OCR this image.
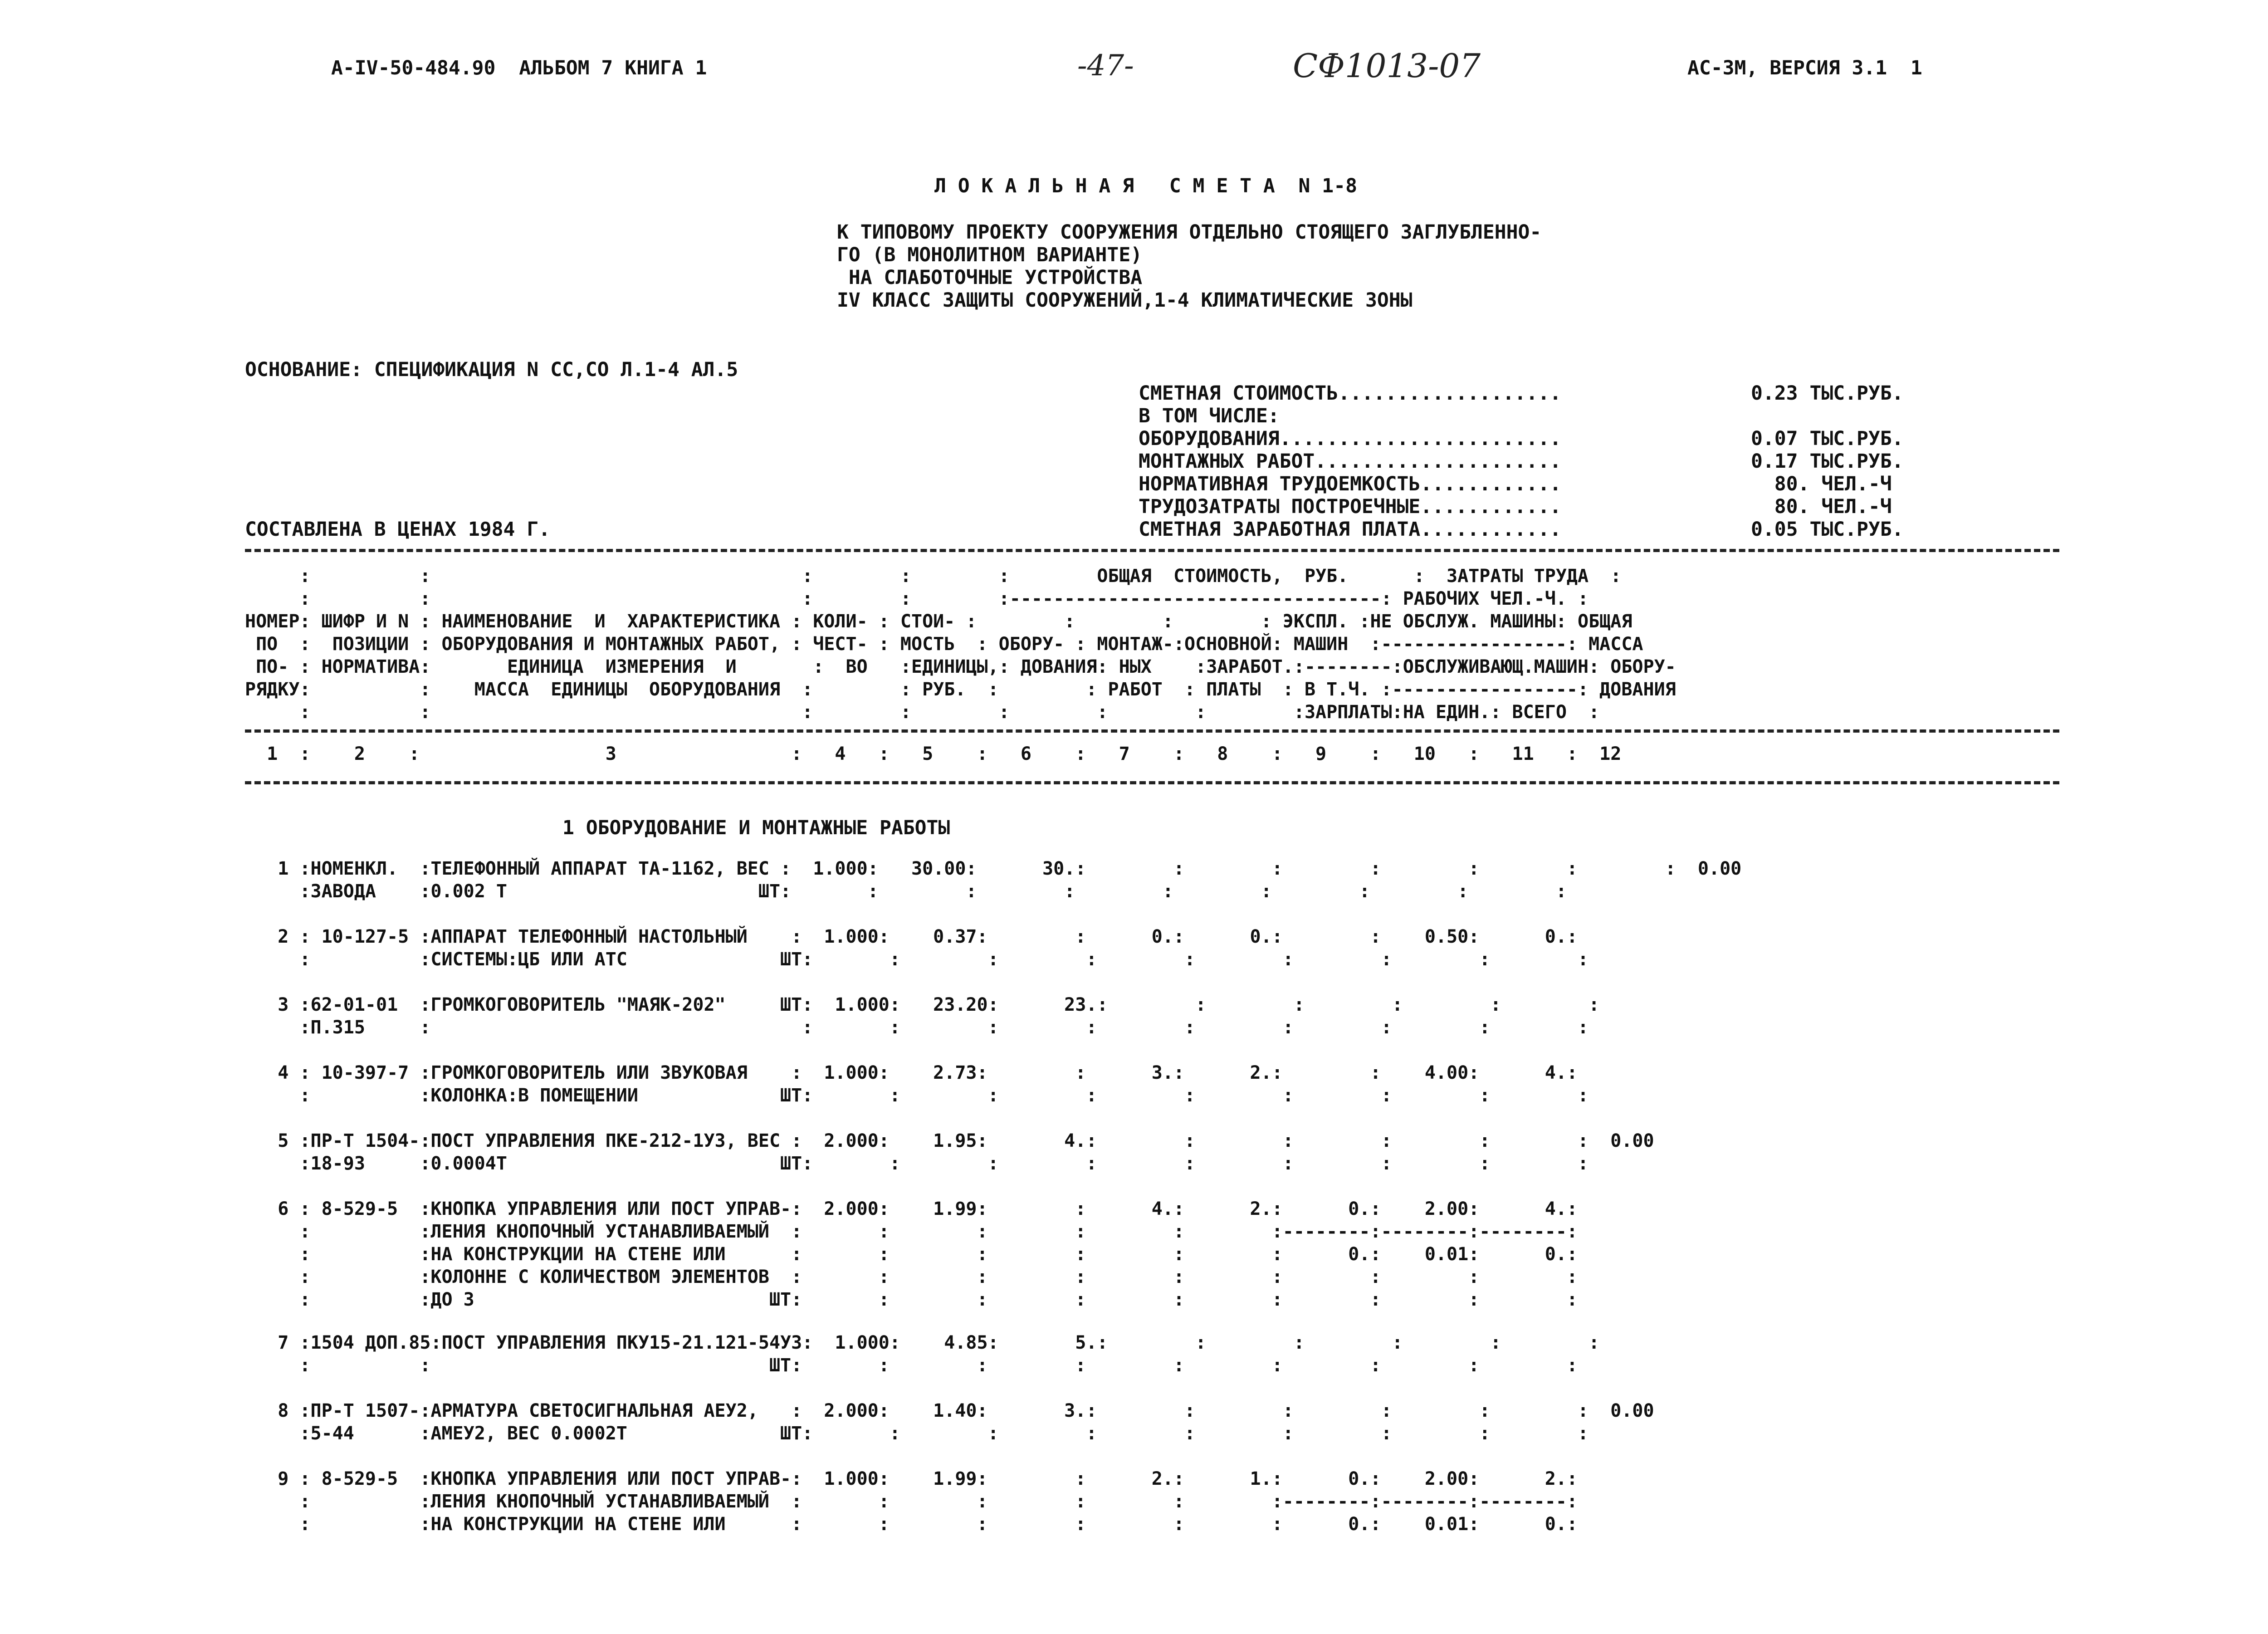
А-IV-50-484.90  АЛЬБОМ 7 КНИГА 1	-47-	СФ1013-07	АС-3М, ВЕРСИЯ 3.1  1
Л О К А Л Ь Н А Я   С М Е Т А  N 1-8
К ТИПОВОМУ ПРОЕКТУ СООРУЖЕНИЯ ОТДЕЛЬНО СТОЯЩЕГО ЗАГЛУБЛЕННО-
ГО (В МОНОЛИТНОМ ВАРИАНТЕ)
НА СЛАБОТОЧНЫЕ УСТРОЙСТВА
IV КЛАСС ЗАЩИТЫ СООРУЖЕНИЙ,1-4 КЛИМАТИЧЕСКИЕ ЗОНЫ
ОСНОВАНИЕ: СПЕЦИФИКАЦИЯ N СС,СО Л.1-4 АЛ.5
СМЕТНАЯ СТОИМОСТЬ...................	0.23 ТЫС.РУБ.
В ТОМ ЧИСЛЕ:
ОБОРУДОВАНИЯ........................	0.07 ТЫС.РУБ.
МОНТАЖНЫХ РАБОТ.....................	0.17 ТЫС.РУБ.
НОРМАТИВНАЯ ТРУДОЕМКОСТЬ............	80. ЧЕЛ.-Ч
ТРУДОЗАТРАТЫ ПОСТРОЕЧНЫЕ............	80. ЧЕЛ.-Ч
СМЕТНАЯ ЗАРАБОТНАЯ ПЛАТА............	0.05 ТЫС.РУБ.
СОСТАВЛЕНА В ЦЕНАХ 1984 Г.
:          :                                  :        :        :        ОБЩАЯ  СТОИМОСТЬ,  РУБ.      :  ЗАТРАТЫ ТРУДА  :
:          :                                  :        :        :----------------------------------: РАБОЧИХ ЧЕЛ.-Ч. :
НОМЕР: ШИФР И N : НАИМЕНОВАНИЕ  И  ХАРАКТЕРИСТИКА : КОЛИ- : СТОИ- :        :        :        : ЭКСПЛ. :НЕ ОБСЛУЖ. МАШИНЫ: ОБЩАЯ
ПО  :  ПОЗИЦИИ : ОБОРУДОВАНИЯ И МОНТАЖНЫХ РАБОТ, : ЧЕСТ- : МОСТЬ  : ОБОРУ- : МОНТАЖ-:ОСНОВНОЙ: МАШИН  :-----------------: МАССА
ПО- : НОРМАТИВА:       ЕДИНИЦА  ИЗМЕРЕНИЯ  И       :  ВО   :ЕДИНИЦЫ,: ДОВАНИЯ: НЫХ    :ЗАРАБОТ.:--------:ОБСЛУЖИВАЮЩ.МАШИН: ОБОРУ-
РЯДКУ:          :    МАССА  ЕДИНИЦЫ  ОБОРУДОВАНИЯ  :        : РУБ.  :        : РАБОТ  : ПЛАТЫ  : В Т.Ч. :-----------------: ДОВАНИЯ
:          :                                  :        :        :        :        :        :ЗАРПЛАТЫ:НА ЕДИН.: ВСЕГО  :
1  :    2    :                 3                :   4   :   5    :   6    :   7    :   8    :   9    :   10   :   11   :  12
1 ОБОРУДОВАНИЕ И МОНТАЖНЫЕ РАБОТЫ
1 :НОМЕНКЛ.  :ТЕЛЕФОННЫЙ АППАРАТ ТА-1162, ВЕС :  1.000:   30.00:      30.:        :        :        :        :        :        :  0.00
:ЗАВОДА    :0.002 Т                       ШТ:       :        :        :        :        :        :        :        :
2 : 10-127-5 :АППАРАТ ТЕЛЕФОННЫЙ НАСТОЛЬНЫЙ    :  1.000:    0.37:        :      0.:      0.:        :    0.50:      0.:
:          :СИСТЕМЫ:ЦБ ИЛИ АТС              ШТ:       :        :        :        :        :        :        :        :
3 :62-01-01  :ГРОМКОГОВОРИТЕЛЬ "МАЯК-202"     ШТ:  1.000:   23.20:      23.:        :        :        :        :        :
:П.315     :                                  :       :        :        :        :        :        :        :        :
4 : 10-397-7 :ГРОМКОГОВОРИТЕЛЬ ИЛИ ЗВУКОВАЯ    :  1.000:    2.73:        :      3.:      2.:        :    4.00:      4.:
:          :КОЛОНКА:В ПОМЕЩЕНИИ             ШТ:       :        :        :        :        :        :        :        :
5 :ПР-Т 1504-:ПОСТ УПРАВЛЕНИЯ ПКЕ-212-1У3, ВЕС :  2.000:    1.95:       4.:        :        :        :        :        :  0.00
:18-93     :0.0004Т                         ШТ:       :        :        :        :        :        :        :        :
6 : 8-529-5  :КНОПКА УПРАВЛЕНИЯ ИЛИ ПОСТ УПРАВ-:  2.000:    1.99:        :      4.:      2.:      0.:    2.00:      4.:
:          :ЛЕНИЯ КНОПОЧНЫЙ УСТАНАВЛИВАЕМЫЙ  :       :        :        :        :        :--------:--------:--------:
:          :НА КОНСТРУКЦИИ НА СТЕНЕ ИЛИ      :       :        :        :        :        :      0.:    0.01:      0.:
:          :КОЛОННЕ С КОЛИЧЕСТВОМ ЭЛЕМЕНТОВ  :       :        :        :        :        :        :        :        :
:          :ДО 3                           ШТ:       :        :        :        :        :        :        :        :
7 :1504 ДОП.85:ПОСТ УПРАВЛЕНИЯ ПКУ15-21.121-54У3:  1.000:    4.85:       5.:        :        :        :        :        :
:          :                               ШТ:       :        :        :        :        :        :        :        :
8 :ПР-Т 1507-:АРМАТУРА СВЕТОСИГНАЛЬНАЯ АЕУ2,   :  2.000:    1.40:       3.:        :        :        :        :        :  0.00
:5-44      :АМЕУ2, ВЕС 0.0002Т              ШТ:       :        :        :        :        :        :        :        :
9 : 8-529-5  :КНОПКА УПРАВЛЕНИЯ ИЛИ ПОСТ УПРАВ-:  1.000:    1.99:        :      2.:      1.:      0.:    2.00:      2.:
:          :ЛЕНИЯ КНОПОЧНЫЙ УСТАНАВЛИВАЕМЫЙ  :       :        :        :        :        :--------:--------:--------:
:          :НА КОНСТРУКЦИИ НА СТЕНЕ ИЛИ      :       :        :        :        :        :      0.:    0.01:      0.:
